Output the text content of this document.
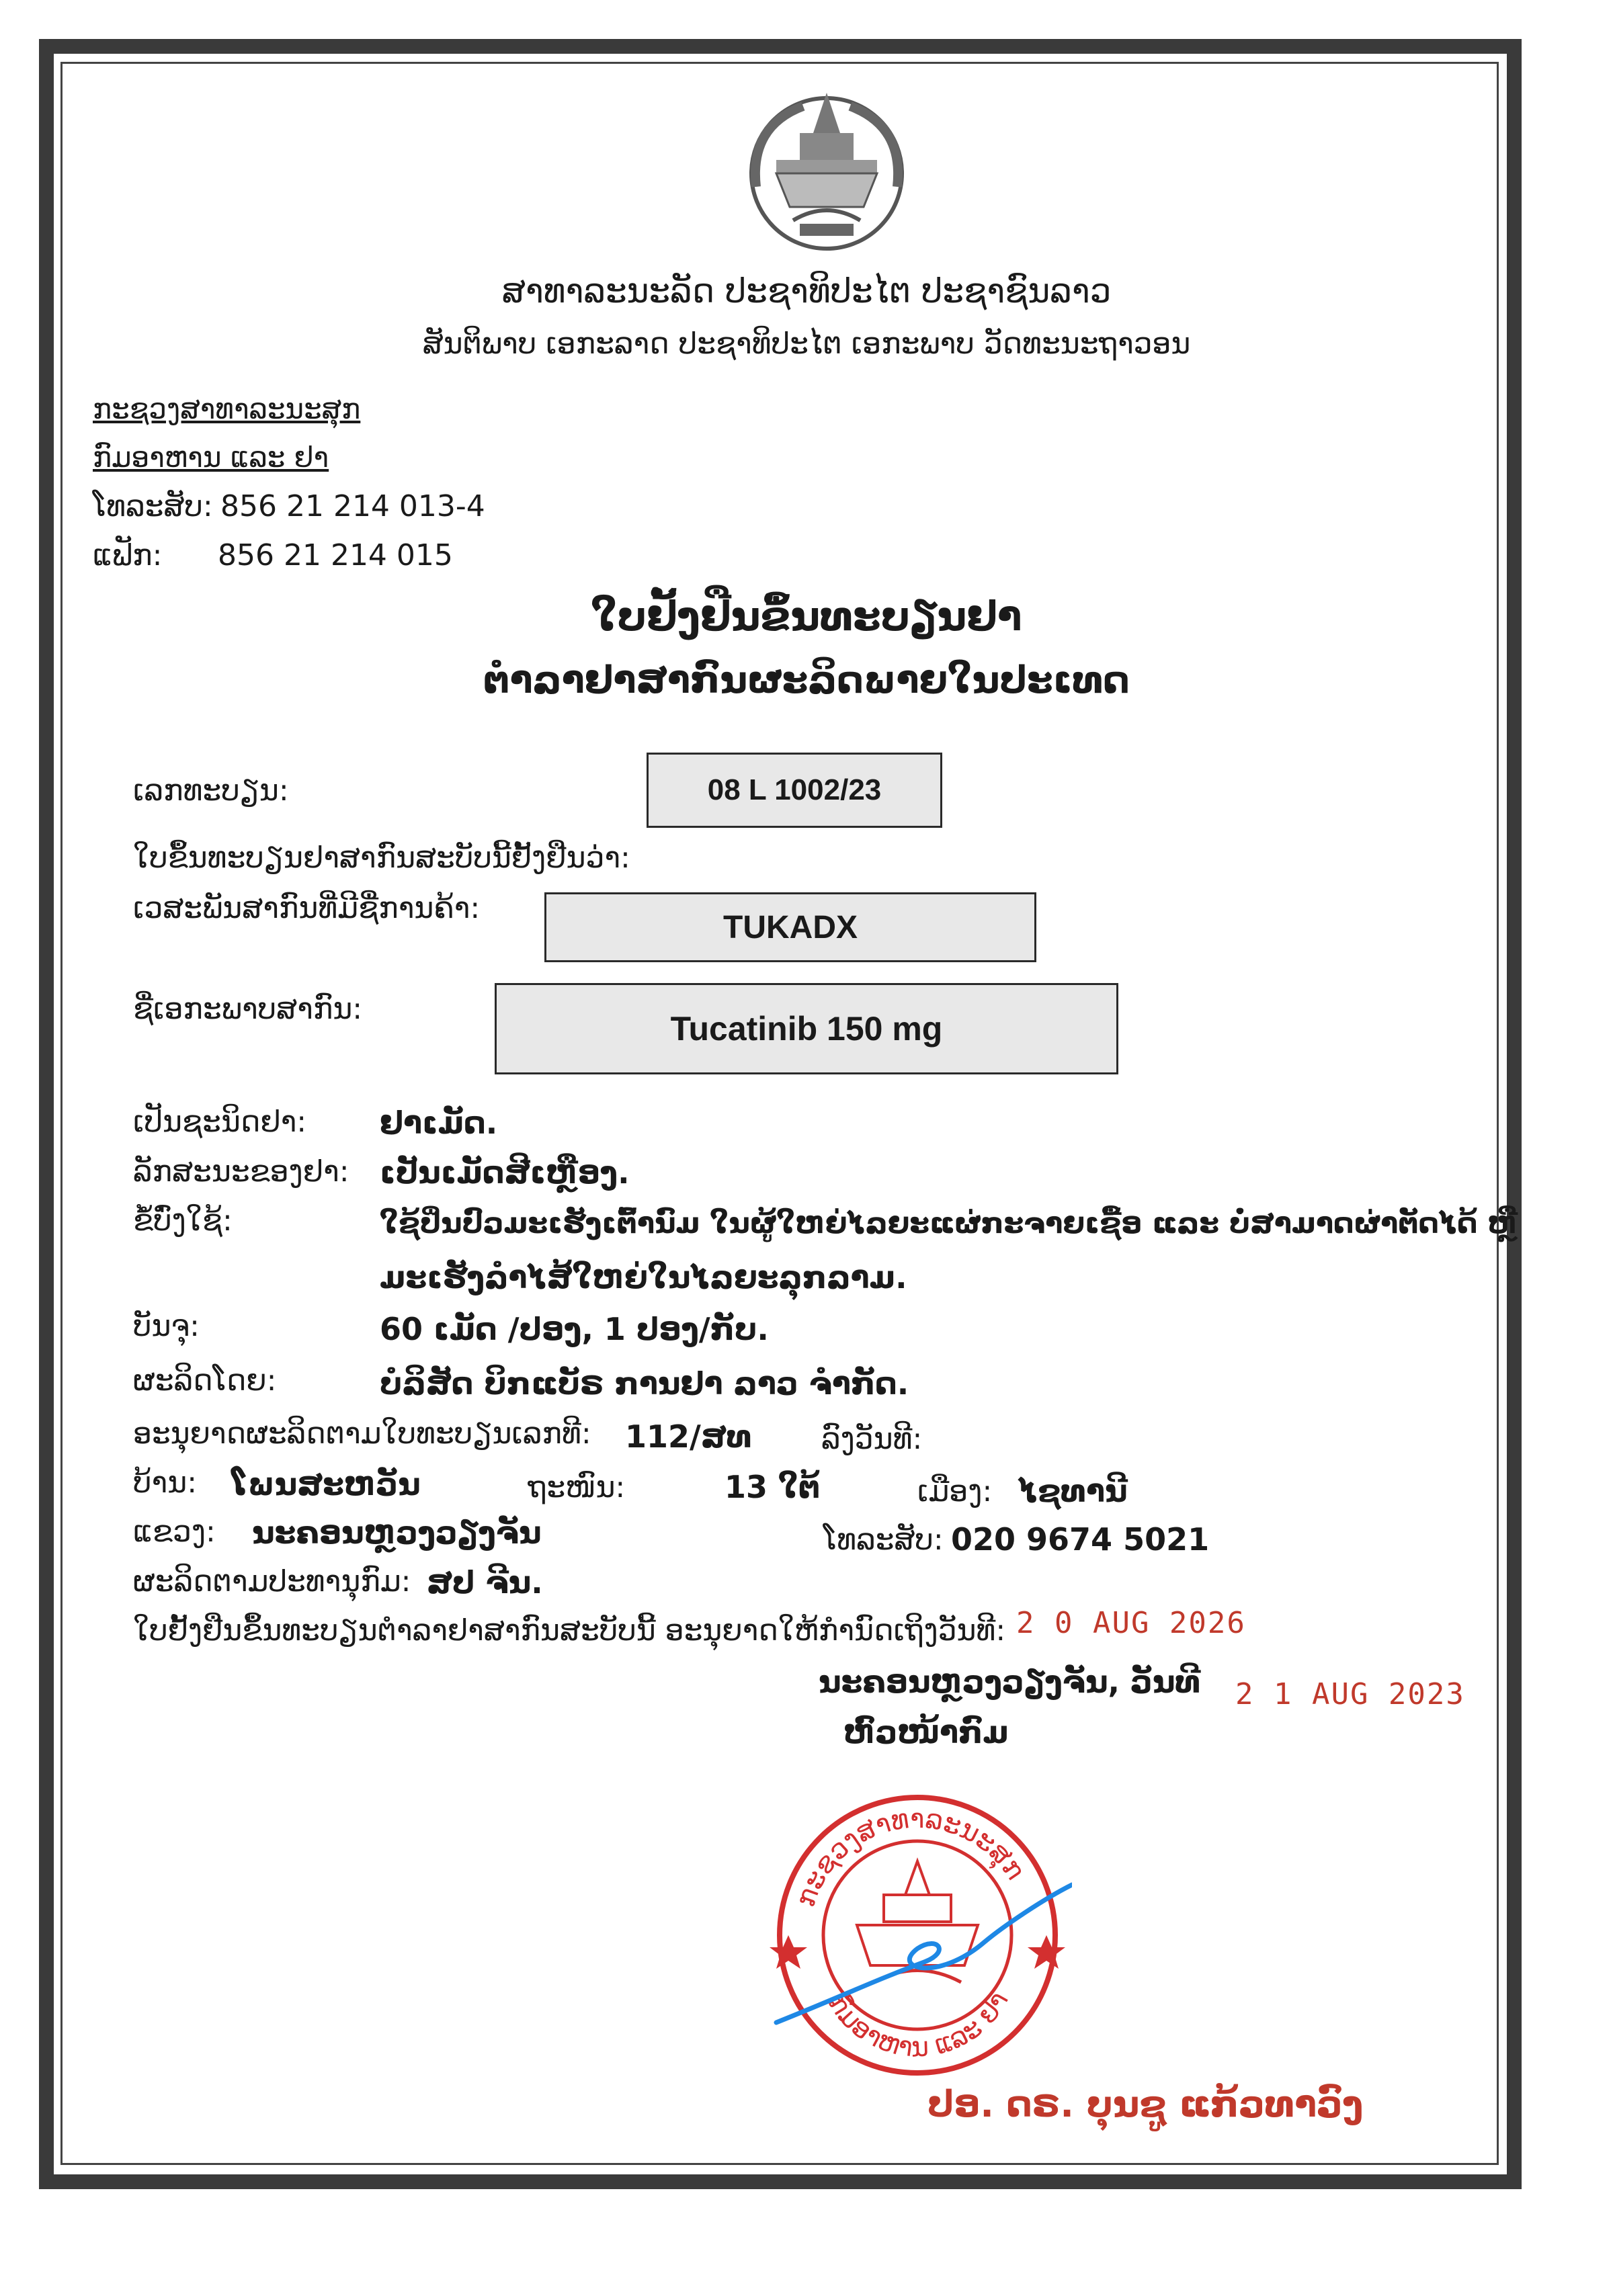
ສາທາລະນະລັດ ປະຊາທິປະໄຕ ປະຊາຊົນລາວ
ສັນຕິພາບ ເອກະລາດ ປະຊາທິປະໄຕ ເອກະພາບ ວັດທະນະຖາວອນ
ກະຊວງສາທາລະນະສຸກ
ກົມອາຫານ ແລະ ຢາ
ໂທລະສັບ: 856 21 214 013-4
ແຟັກ: 856 21 214 015
ໃບຢັ້ງຢືນຂຶ້ນທະບຽນຢາ
ຕຳລາຢາສາກົນຜະລິດພາຍໃນປະເທດ
ເລກທະບຽນ:	08 L 1002/23
ໃບຂຶ້ນທະບຽນຢາສາກົນສະບັບນີ້ຢັ້ງຢືນວ່າ:
ເວສະພັນສາກົນທີ່ມີຊື່ການຄ້າ:
TUKADX
ຊື່ເອກະພາບສາກົນ:
Tucatinib 150 mg
ເປັນຊະນິດຢາ: ຢາເມັດ.
ລັກສະນະຂອງຢາ: ເປັນເມັດສີເຫຼືອງ.
ຂໍ້ບົ່ງໃຊ້:	ໃຊ້ປິ່ນປົວມະເຮັງເຕົ້ານົມ ໃນຜູ້ໃຫຍ່ໄລຍະແຜ່ກະຈາຍເຊື້ອ ແລະ ບໍ່ສາມາດຜ່າຕັດໄດ້ ຫຼື
ມະເຮັງລຳໄສ້ໃຫຍ່ໃນໄລຍະລຸກລາມ.
ບັນຈຸ:	60 ເມັດ /ປອງ, 1 ປອງ/ກັບ.
ຜະລິດໂດຍ:	ບໍລິສັດ ບິກແບັຣ ການຢາ ລາວ ຈຳກັດ.
ອະນຸຍາດຜະລິດຕາມໃບທະບຽນເລກທີ: 112/ສທ ລົງວັນທີ:
ບ້ານ: ໂພນສະຫວັນ	ຖະໜົນ:	13 ໃຕ້	ເມືອງ: ໄຊທານີ
ແຂວງ: ນະຄອນຫຼວງວຽງຈັນ	ໂທລະສັບ: 020 9674 5021
ຜະລິດຕາມປະທານຸກົມ: ສປ ຈີນ.
ໃບຢັ້ງຢືນຂຶ້ນທະບຽນຕຳລາຢາສາກົນສະບັບນີ້ ອະນຸຍາດໃຫ້ກຳນົດເຖິງວັນທີ: 2 0 AUG 2026
ນະຄອນຫຼວງວຽງຈັນ, ວັນທີ 2 1 AUG 2023
ຫົວໜ້າກົມ
ກະຊວງສາທາລະນະສຸກ
ກົມອາຫານ ແລະ ຢາ
ປອ. ດຣ. ບຸນຊູ ແກ້ວທາວົງ
